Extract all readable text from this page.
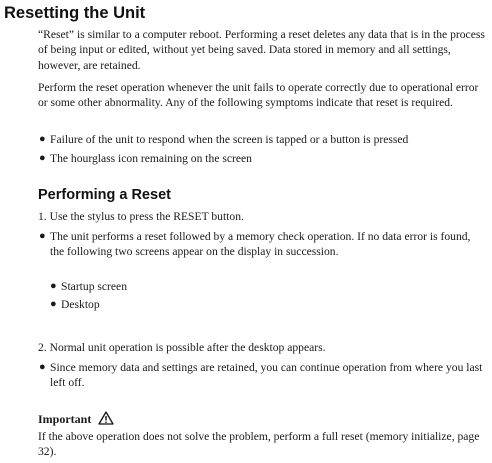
Resetting the Unit

“Reset” is similar to a computer reboot. Performing a reset deletes any data that is in the process of being input or edited, without yet being saved. Data stored in memory and all settings, however, are retained.

Perform the reset operation whenever the unit fails to operate correctly due to operational error or some other abnormality. Any of the following symptoms indicate that reset is required.

● Failure of the unit to respond when the screen is tapped or a button is pressed
● The hourglass icon remaining on the screen
Performing a Reset

1. Use the stylus to press the RESET button.

● The unit performs a reset followed by a memory check operation. If no data error is found, the following two screens appear on the display in succession.
● Startup screen
● Desktop

2. Normal unit operation is possible after the desktop appears.

● Since memory data and settings are retained, you can continue operation from where you last left off.
Important

If the above operation does not solve the problem, perform a full reset (memory initialize, page 32).
